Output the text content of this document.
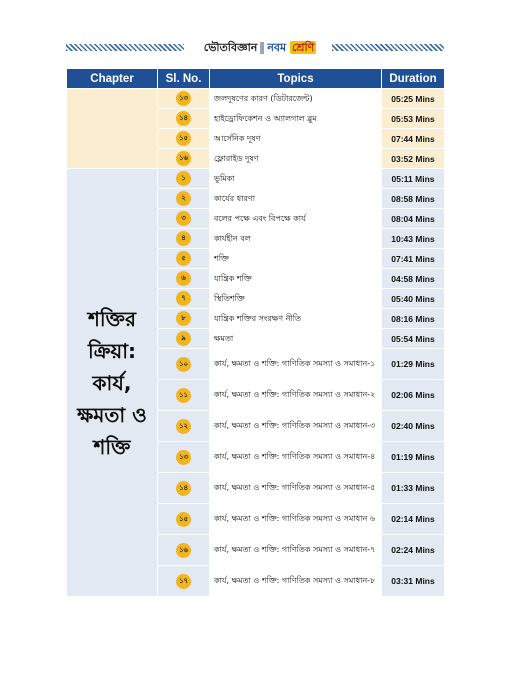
ভৌতবিজ্ঞান নবম শ্রেণি
Chapter	Sl. No.	Topics	Duration

	১৩	জলদূষণের কারণ (ডিটারজেন্ট)	05:25 Mins
	১৪	হাইড্রোফিকেশন ও অ্যালগাল ব্লুম	05:53 Mins
	১৫	আর্সেনিক দূষণ	07:44 Mins
	১৬	ফ্লোরাইড দূষণ	03:52 Mins

শক্তির ক্রিয়া: কার্য, ক্ষমতা ও শক্তি	১	ভূমিকা	05:11 Mins
	২	কার্যের ধারণা	08:58 Mins
	৩	বলের পক্ষে এবং বিপক্ষে কার্য	08:04 Mins
	৪	কার্যহীন বল	10:43 Mins
	৫	শক্তি	07:41 Mins
	৬	যান্ত্রিক শক্তি	04:58 Mins
	৭	স্থিতিশক্তি	05:40 Mins
	৮	যান্ত্রিক শক্তির সংরক্ষণ নীতি	08:16 Mins
	৯	ক্ষমতা	05:54 Mins
	১০	কার্য, ক্ষমতা ও শক্তি: গাণিতিক সমস্যা ও সমাধান-১	01:29 Mins
	১১	কার্য, ক্ষমতা ও শক্তি: গাণিতিক সমস্যা ও সমাধান-২	02:06 Mins
	১২	কার্য, ক্ষমতা ও শক্তি: গাণিতিক সমস্যা ও সমাধান-৩	02:40 Mins
	১৩	কার্য, ক্ষমতা ও শক্তি: গাণিতিক সমস্যা ও সমাধান-৪	01:19 Mins
	১৪	কার্য, ক্ষমতা ও শক্তি: গাণিতিক সমস্যা ও সমাধান-৫	01:33 Mins
	১৫	কার্য, ক্ষমতা ও শক্তি: গাণিতিক সমস্যা ও সমাধান ৬	02:14 Mins
	১৬	কার্য, ক্ষমতা ও শক্তি: গাণিতিক সমস্যা ও সমাধান-৭	02:24 Mins
	১৭	কার্য, ক্ষমতা ও শক্তি: গাণিতিক সমস্যা ও সমাধান-৮	03:31 Mins
